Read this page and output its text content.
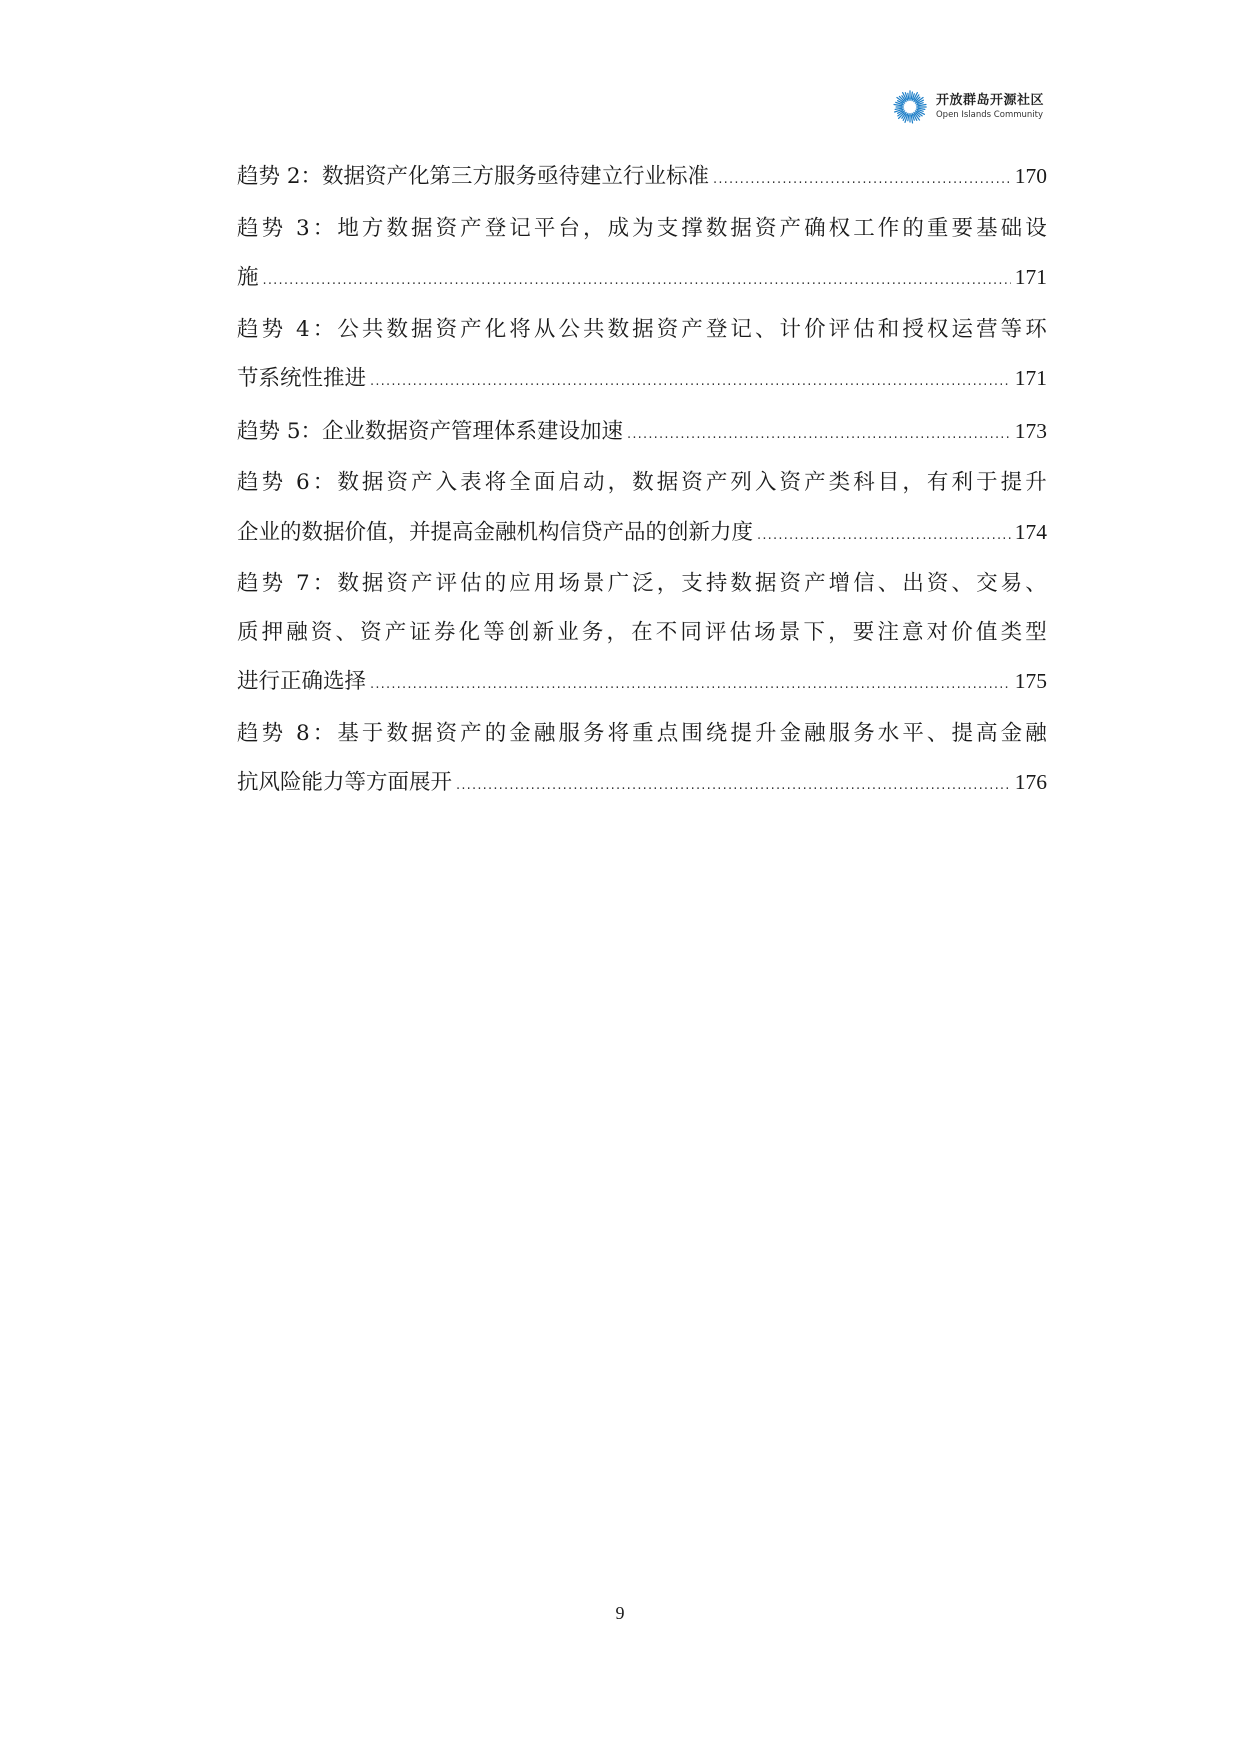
开放群岛开源社区
Open Islands Community
趋势 2：数据资产化第三方服务亟待建立行业标准 .....	170
趋势 3：地方数据资产登记平台，成为支撑数据资产确权工作的重要基础设
施 .....	171
趋势 4：公共数据资产化将从公共数据资产登记、计价评估和授权运营等环
节系统性推进 .....	171
趋势 5：企业数据资产管理体系建设加速 .....	173
趋势 6：数据资产入表将全面启动，数据资产列入资产类科目，有利于提升
企业的数据价值，并提高金融机构信贷产品的创新力度 .....	174
趋势 7：数据资产评估的应用场景广泛，支持数据资产增信、出资、交易、
质押融资、资产证券化等创新业务，在不同评估场景下，要注意对价值类型
进行正确选择 .....	175
趋势 8：基于数据资产的金融服务将重点围绕提升金融服务水平、提高金融
抗风险能力等方面展开 .....	176
9
